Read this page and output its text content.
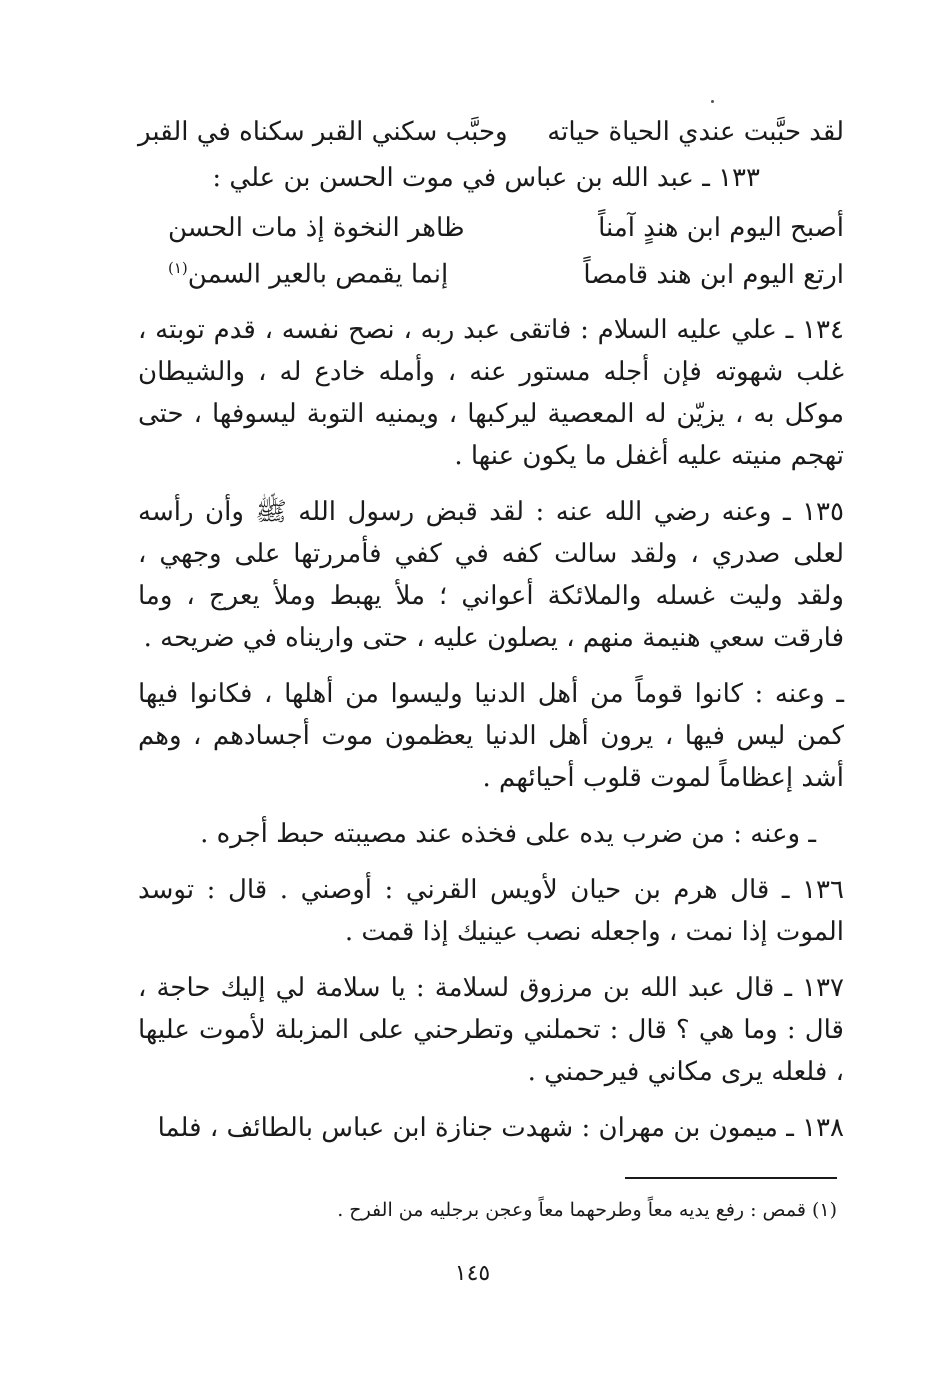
لقد حبَّبت عندي الحياة حياته
وحبَّب سكني القبر سكناه في القبر
١٣٣ ـ عبد الله بن عباس في موت الحسن بن علي :
أصبح اليوم ابن هندٍ آمناً
ظاهر النخوة إذ مات الحسن
ارتع اليوم ابن هند قامصاً
إنما يقمص بالعير السمن$^{(١)}$

١٣٤ ـ علي عليه السلام : فاتقى عبد ربه ، نصح نفسه ، قدم توبته ، غلب شهوته فإن أجله مستور عنه ، وأمله خادع له ، والشيطان موكل به ، يزيّن له المعصية ليركبها ، ويمنيه التوبة ليسوفها ، حتى تهجم منيته عليه أغفل ما يكون عنها .

١٣٥ ـ وعنه رضي الله عنه : لقد قبض رسول الله ﷺ وأن رأسه لعلى صدري ، ولقد سالت كفه في كفي فأمررتها على وجهي ، ولقد وليت غسله والملائكة أعواني ؛ ملأ يهبط وملأ يعرج ، وما فارقت سعي هنيمة منهم ، يصلون عليه ، حتى واريناه في ضريحه .

ـ وعنه : كانوا قوماً من أهل الدنيا وليسوا من أهلها ، فكانوا فيها كمن ليس فيها ، يرون أهل الدنيا يعظمون موت أجسادهم ، وهم أشد إعظاماً لموت قلوب أحيائهم .

ـ وعنه : من ضرب يده على فخذه عند مصيبته حبط أجره .

١٣٦ ـ قال هرم بن حيان لأويس القرني : أوصني . قال : توسد الموت إذا نمت ، واجعله نصب عينيك إذا قمت .

١٣٧ ـ قال عبد الله بن مرزوق لسلامة : يا سلامة لي إليك حاجة ، قال : وما هي ؟ قال : تحملني وتطرحني على المزبلة لأموت عليها ، فلعله يرى مكاني فيرحمني .

١٣٨ ـ ميمون بن مهران : شهدت جنازة ابن عباس بالطائف ، فلما

(١) قمص : رفع يديه معاً وطرحهما معاً وعجن برجليه من الفرح .
١٤٥
